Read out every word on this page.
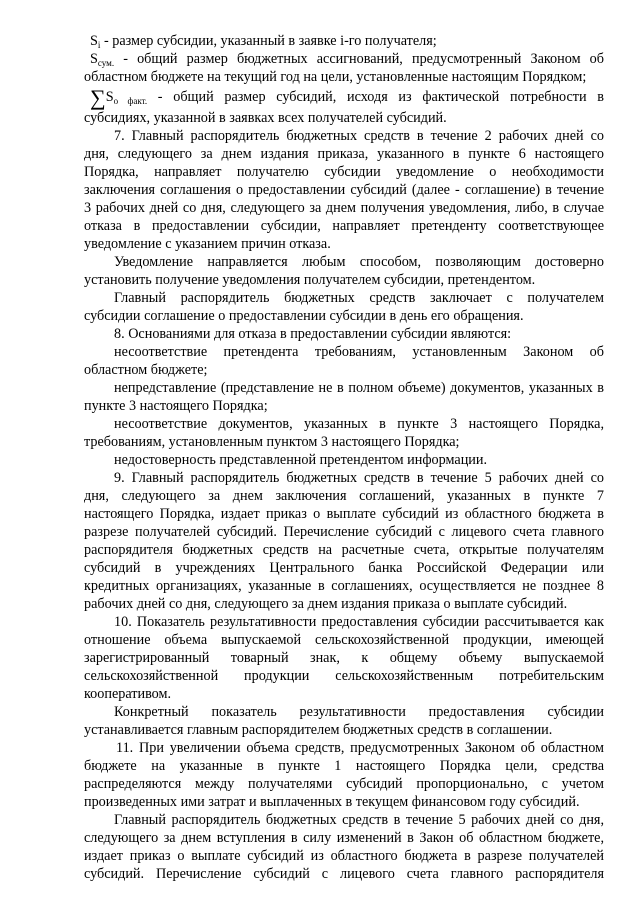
$S_i$ - размер субсидии, указанный в заявке i-го получателя;
$S_{сум.}$ - общий размер бюджетных ассигнований, предусмотренный Законом об
областном бюджете на текущий год на цели, установленные настоящим Порядком;
$\sum S_{о факт.}$ - общий размер субсидий, исходя из фактической потребности в
субсидиях, указанной в заявках всех получателей субсидий.
7. Главный распорядитель бюджетных средств в течение 2 рабочих дней со
дня, следующего за днем издания приказа, указанного в пункте 6 настоящего
Порядка, направляет получателю субсидии уведомление о необходимости
заключения соглашения о предоставлении субсидий (далее - соглашение) в течение
3 рабочих дней со дня, следующего за днем получения уведомления, либо, в случае
отказа в предоставлении субсидии, направляет претенденту соответствующее
уведомление с указанием причин отказа.
Уведомление направляется любым способом, позволяющим достоверно
установить получение уведомления получателем субсидии, претендентом.
Главный распорядитель бюджетных средств заключает с получателем
субсидии соглашение о предоставлении субсидии в день его обращения.
8. Основаниями для отказа в предоставлении субсидии являются:
несоответствие претендента требованиям, установленным Законом об
областном бюджете;
непредставление (представление не в полном объеме) документов, указанных в
пункте 3 настоящего Порядка;
несоответствие документов, указанных в пункте 3 настоящего Порядка,
требованиям, установленным пунктом 3 настоящего Порядка;
недостоверность представленной претендентом информации.
9. Главный распорядитель бюджетных средств в течение 5 рабочих дней со
дня, следующего за днем заключения соглашений, указанных в пункте 7
настоящего Порядка, издает приказ о выплате субсидий из областного бюджета в
разрезе получателей субсидий. Перечисление субсидий с лицевого счета главного
распорядителя бюджетных средств на расчетные счета, открытые получателям
субсидий в учреждениях Центрального банка Российской Федерации или
кредитных организациях, указанные в соглашениях, осуществляется не позднее 8
рабочих дней со дня, следующего за днем издания приказа о выплате субсидий.
10. Показатель результативности предоставления субсидии рассчитывается как
отношение объема выпускаемой сельскохозяйственной продукции, имеющей
зарегистрированный товарный знак, к общему объему выпускаемой
сельскохозяйственной продукции сельскохозяйственным потребительским
кооперативом.
Конкретный показатель результативности предоставления субсидии
устанавливается главным распорядителем бюджетных средств в соглашении.
11. При увеличении объема средств, предусмотренных Законом об областном
бюджете на указанные в пункте 1 настоящего Порядка цели, средства
распределяются между получателями субсидий пропорционально, с учетом
произведенных ими затрат и выплаченных в текущем финансовом году субсидий.
Главный распорядитель бюджетных средств в течение 5 рабочих дней со дня,
следующего за днем вступления в силу изменений в Закон об областном бюджете,
издает приказ о выплате субсидий из областного бюджета в разрезе получателей
субсидий. Перечисление субсидий с лицевого счета главного распорядителя
